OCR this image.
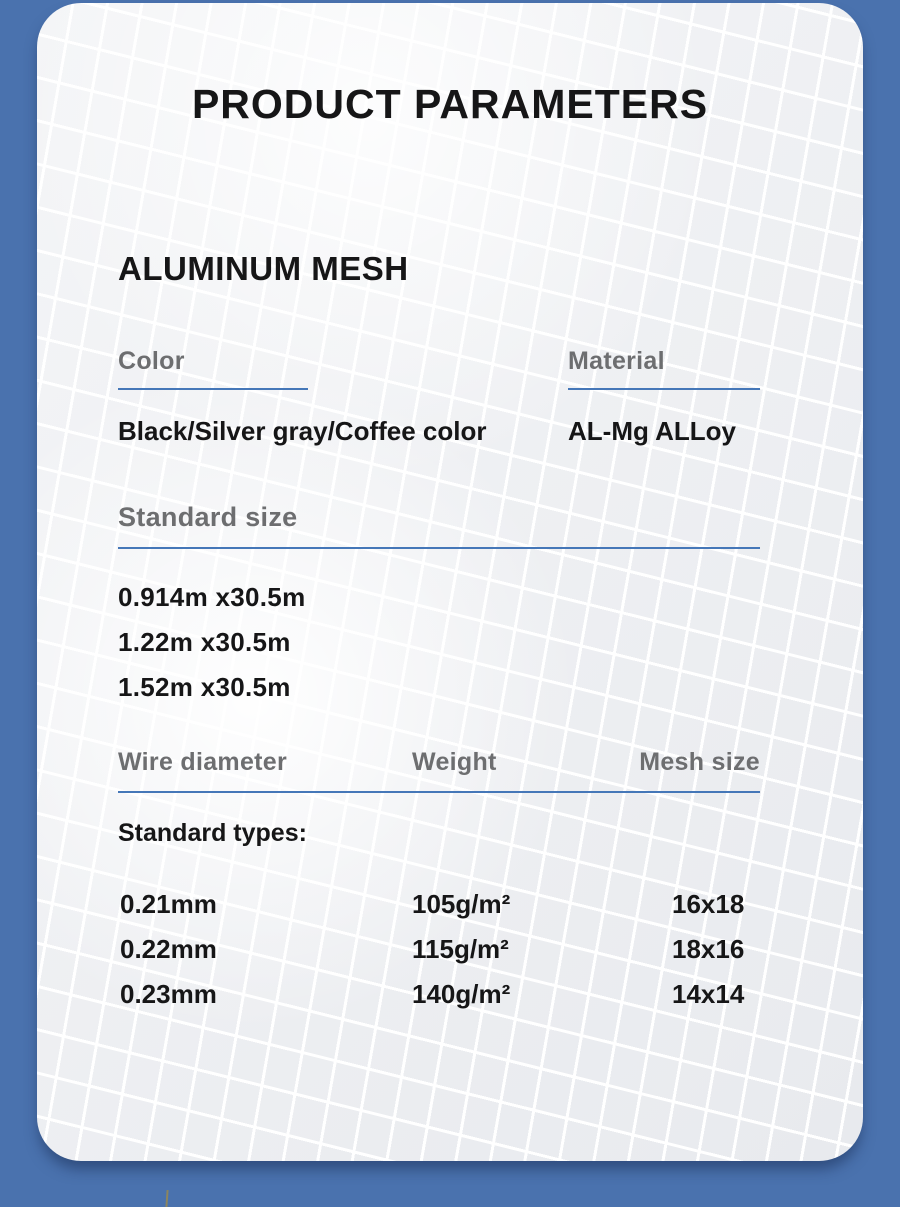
PRODUCT PARAMETERS
ALUMINUM MESH
Color
Black/Silver gray/Coffee color
Material
AL-Mg ALLoy
Standard size
0.914m x30.5m
1.22m x30.5m
1.52m x30.5m
Wire diameter	Weight	Mesh size
Standard types:
0.21mm	105g/m²	16x18
0.22mm	115g/m²	18x16
0.23mm	140g/m²	14x14
